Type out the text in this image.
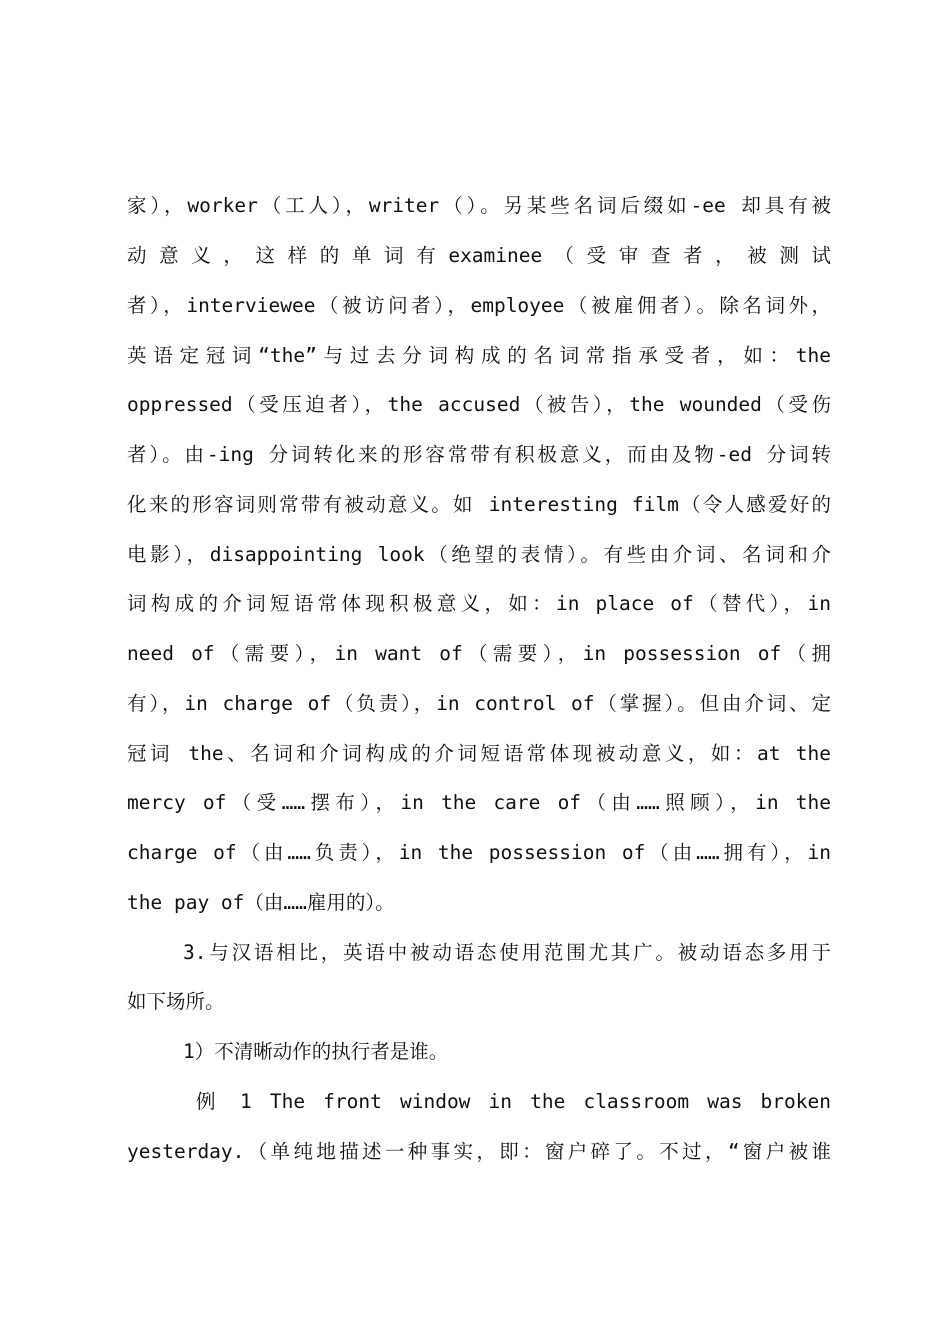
家），worker（工人），writer（）。另某些名词后缀如-ee 却具有被
动 意 义 ， 这 样 的 单 词 有 examinee （ 受 审 查 者 ， 被 测 试
者），interviewee（被访问者），employee（被雇佣者）。除名词外，
英语定冠词“the”与过去分词构成的名词常指承受者，如：the
oppressed（受压迫者），the accused（被告），the wounded（受伤
者）。由-ing 分词转化来的形容常带有积极意义，而由及物-ed 分词转
化来的形容词则常带有被动意义。如 interesting film（令人感爱好的
电影），disappointing look（绝望的表情）。有些由介词、名词和介
词构成的介词短语常体现积极意义，如：in place of（替代），in
need of（需要），in want of（需要），in possession of（拥
有），in charge of（负责），in control of（掌握）。但由介词、定
冠词 the、名词和介词构成的介词短语常体现被动意义，如：at the
mercy of（受……摆布），in the care of（由……照顾），in the
charge of（由……负责），in the possession of（由……拥有），in
the pay of（由……雇用的）。
3.与汉语相比，英语中被动语态使用范围尤其广。被动语态多用于
如下场所。
1）不清晰动作的执行者是谁。
例 1 The front window in the classroom was broken
yesterday.（单纯地描述一种事实，即：窗户碎了。不过，“窗户被谁
